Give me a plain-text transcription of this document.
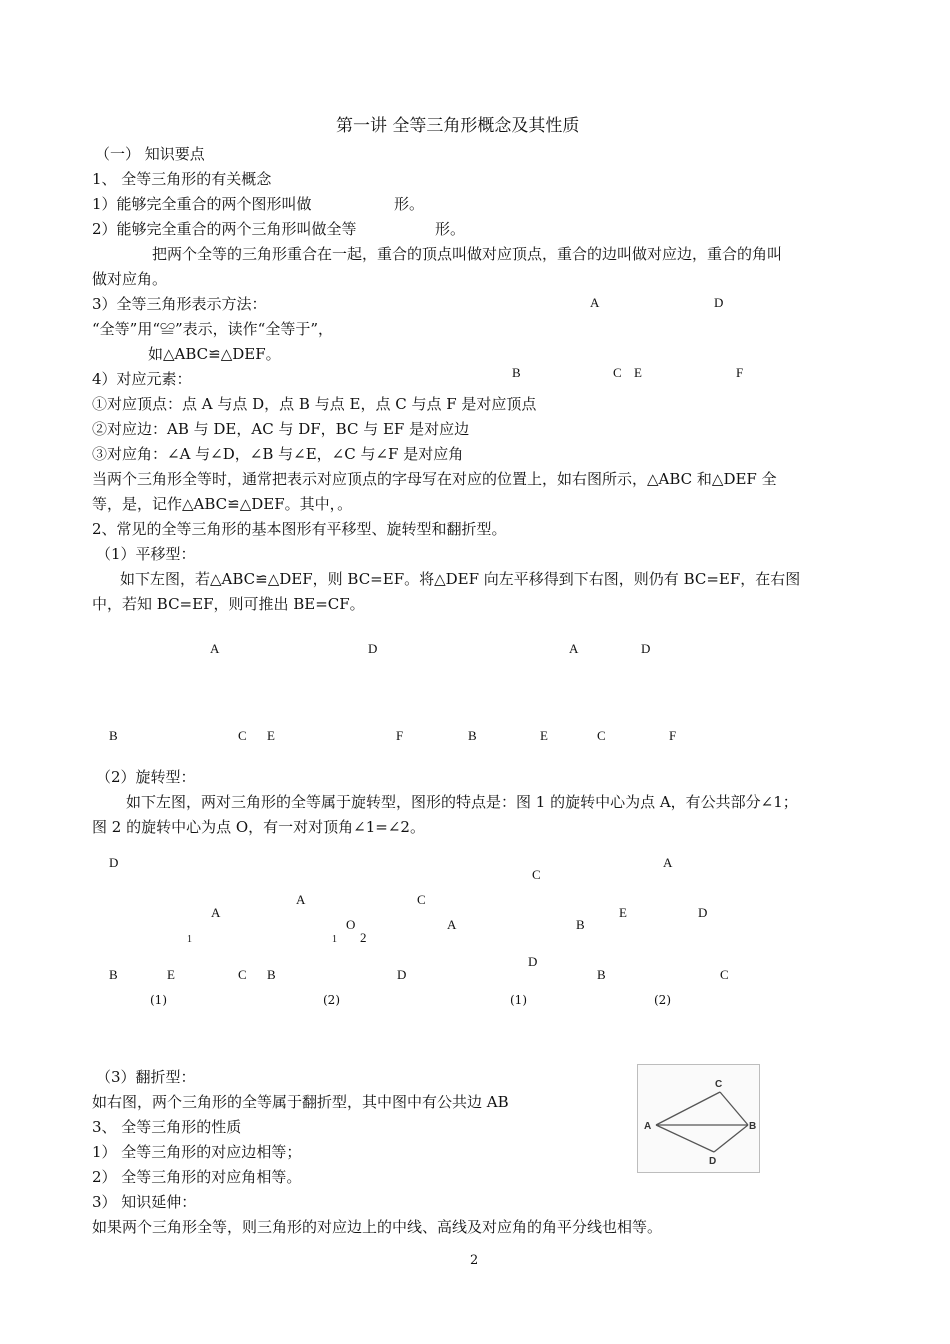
第一讲 全等三角形概念及其性质
（一） 知识要点
1、 全等三角形的有关概念
1）能够完全重合的两个图形叫做	形。
2）能够完全重合的两个三角形叫做全等	形。
把两个全等的三角形重合在一起，重合的顶点叫做对应顶点，重合的边叫做对应边，重合的角叫
做对应角。
3）全等三角形表示方法：
“全等”用“≌”表示，读作“全等于”，
如△ABC≌△DEF。
4）对应元素：
①对应顶点：点 A 与点 D，点 B 与点 E，点 C 与点 F 是对应顶点
②对应边：AB 与 DE，AC 与 DF，BC 与 EF 是对应边
③对应角：∠A 与∠D，∠B 与∠E，∠C 与∠F 是对应角
当两个三角形全等时，通常把表示对应顶点的字母写在对应的位置上，如右图所示，△ABC 和△DEF 全
等，是，记作△ABC≌△DEF。其中，。
2、常见的全等三角形的基本图形有平移型、旋转型和翻折型。
（1）平移型：
如下左图，若△ABC≌△DEF，则 BC=EF。将△DEF 向左平移得到下右图，则仍有 BC=EF，在右图
中，若知 BC=EF，则可推出 BE=CF。
A	D
B	C E	F
A	D
B	C E	F
A	D
B	E	C	F
（2）旋转型：
如下左图，两对三角形的全等属于旋转型，图形的特点是：图 1 的旋转中心为点 A，有公共部分∠1；
图 2 的旋转中心为点 O，有一对对顶角∠1=∠2。
D
A
1
B	E	C
(1)
A	C
O
1 2
B	D
(2)
C
A
D
(1)
A
E	D
B
B	C
(2)
（3）翻折型：
如右图，两个三角形的全等属于翻折型，其中图中有公共边 AB
3、 全等三角形的性质
1） 全等三角形的对应边相等；
2） 全等三角形的对应角相等。
3） 知识延伸：
如果两个三角形全等，则三角形的对应边上的中线、高线及对应角的角平分线也相等。
C
A	B
D
2
